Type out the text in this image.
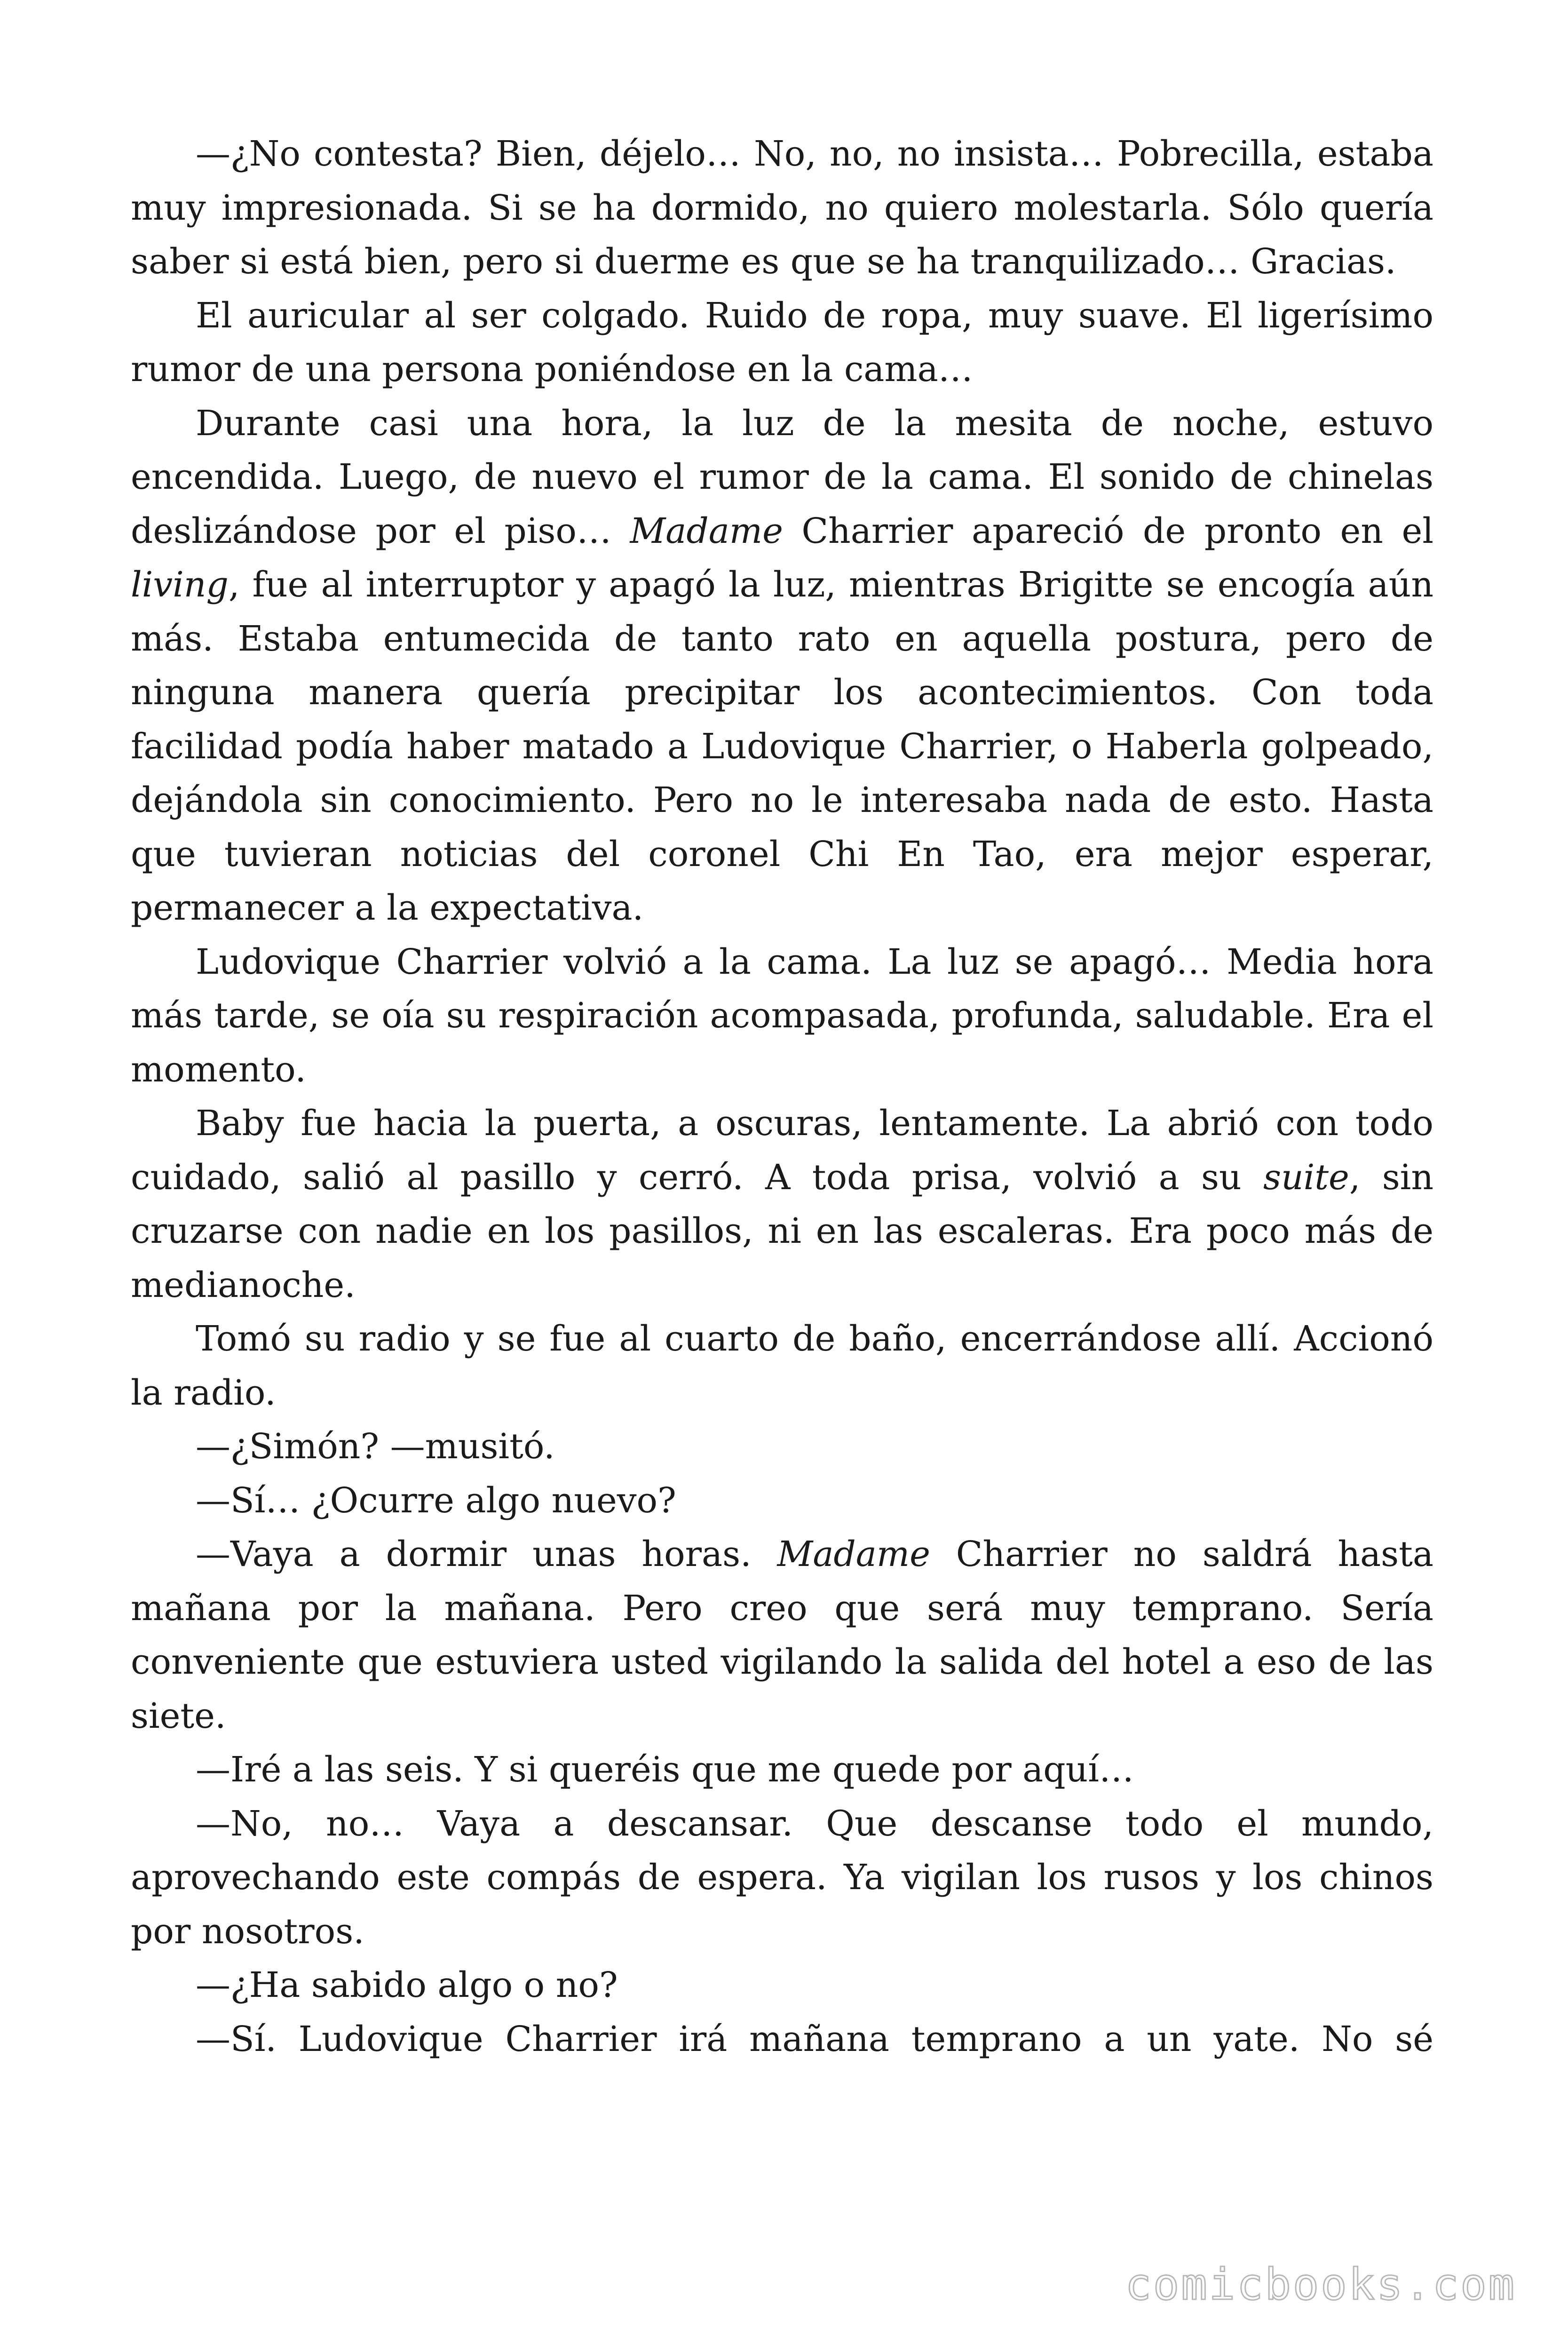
—¿No contesta? Bien, déjelo… No, no, no insista… Pobrecilla, estaba muy impresionada. Si se ha dormido, no quiero molestarla. Sólo quería saber si está bien, pero si duerme es que se ha tranquilizado… Gracias.

El auricular al ser colgado. Ruido de ropa, muy suave. El ligerísimo rumor de una persona poniéndose en la cama…

Durante casi una hora, la luz de la mesita de noche, estuvo encendida. Luego, de nuevo el rumor de la cama. El sonido de chinelas deslizándose por el piso… Madame Charrier apareció de pronto en el living, fue al interruptor y apagó la luz, mientras Brigitte se encogía aún más. Estaba entumecida de tanto rato en aquella postura, pero de ninguna manera quería precipitar los acontecimientos. Con toda facilidad podía haber matado a Ludovique Charrier, o Haberla golpeado, dejándola sin conocimiento. Pero no le interesaba nada de esto. Hasta que tuvieran noticias del coronel Chi En Tao, era mejor esperar, permanecer a la expectativa.

Ludovique Charrier volvió a la cama. La luz se apagó… Media hora más tarde, se oía su respiración acompasada, profunda, saludable. Era el momento.

Baby fue hacia la puerta, a oscuras, lentamente. La abrió con todo cuidado, salió al pasillo y cerró. A toda prisa, volvió a su suite, sin cruzarse con nadie en los pasillos, ni en las escaleras. Era poco más de medianoche.

Tomó su radio y se fue al cuarto de baño, encerrándose allí. Accionó la radio.

—¿Simón? —musitó.

—Sí… ¿Ocurre algo nuevo?

—Vaya a dormir unas horas. Madame Charrier no saldrá hasta mañana por la mañana. Pero creo que será muy temprano. Sería conveniente que estuviera usted vigilando la salida del hotel a eso de las siete.

—Iré a las seis. Y si queréis que me quede por aquí…

—No, no… Vaya a descansar. Que descanse todo el mundo, aprovechando este compás de espera. Ya vigilan los rusos y los chinos por nosotros.

—¿Ha sabido algo o no?

—Sí. Ludovique Charrier irá mañana temprano a un yate. No sé

comicbooks.com
